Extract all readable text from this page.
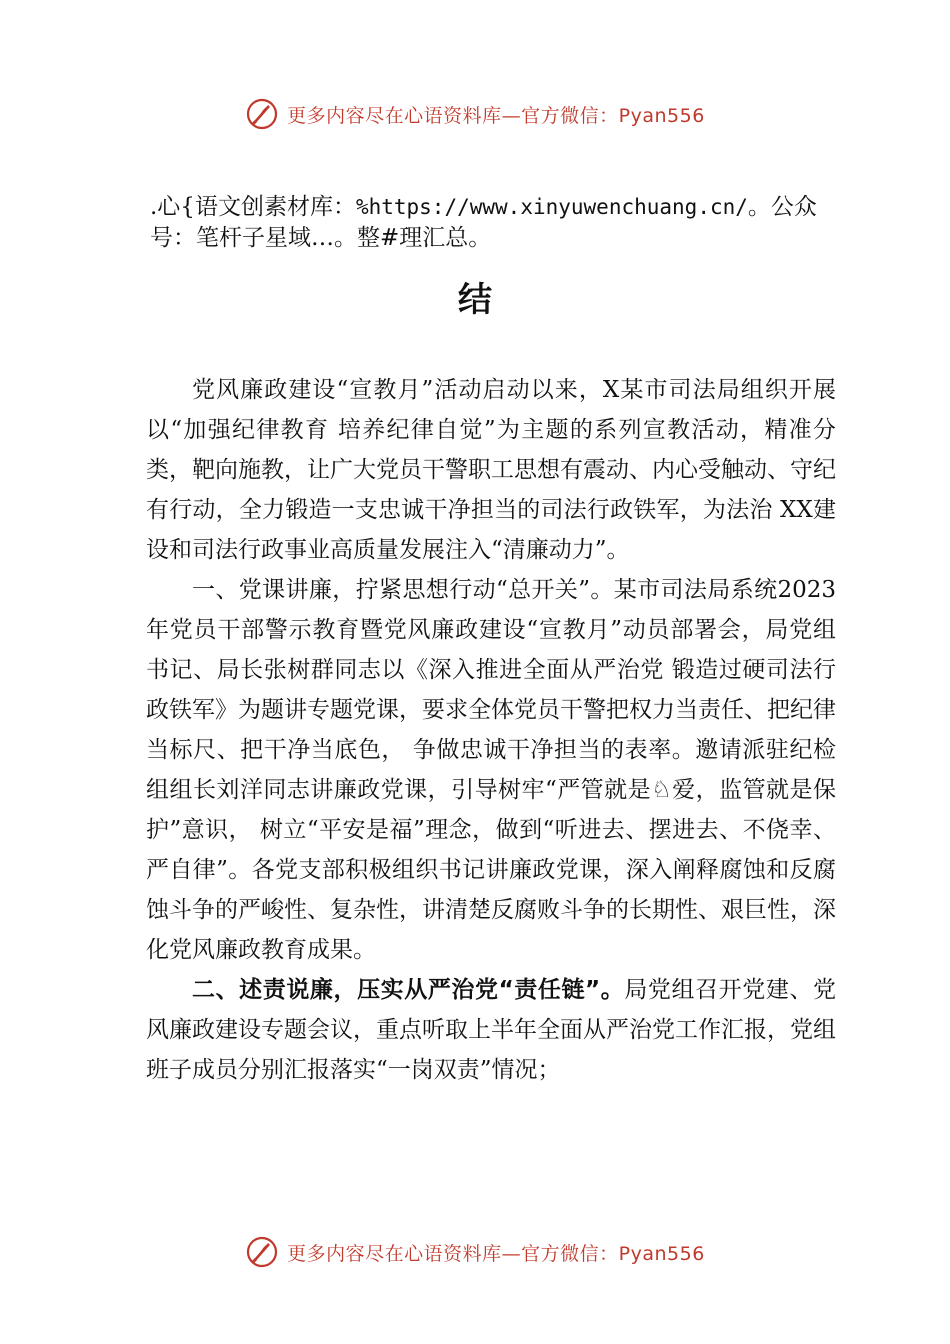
更多内容尽在心语资料库—官方微信：Pyan556
.心{语文创素材库：%https://www.xinyuwenchuang.cn/。公众号：笔杆子星域…。整#理汇总。
结

党风廉政建设“宣教月”活动启动以来，X某市司法局组织开展以“加强纪律教育 培养纪律自觉”为主题的系列宣教活动，精准分类，靶向施教，让广大党员干警职工思想有震动、内心受触动、守纪有行动，全力锻造一支忠诚干净担当的司法行政铁军，为法治 XX建设和司法行政事业高质量发展注入“清廉动力”。

一、党课讲廉，拧紧思想行动“总开关”。某市司法局系统2023年党员干部警示教育暨党风廉政建设“宣教月”动员部署会，局党组书记、局长张树群同志以《深入推进全面从严治党 锻造过硬司法行政铁军》为题讲专题党课，要求全体党员干警把权力当责任、把纪律当标尺、把干净当底色， 争做忠诚干净担当的表率。邀请派驻纪检组组长刘洋同志讲廉政党课，引导树牢“严管就是♘爱，监管就是保护”意识， 树立“平安是福”理念，做到“听进去、摆进去、不侥幸、 严自律”。各党支部积极组织书记讲廉政党课，深入阐释腐蚀和反腐蚀斗争的严峻性、复杂性，讲清楚反腐败斗争的长期性、艰巨性，深化党风廉政教育成果。

二、述责说廉，压实从严治党“责任链”。局党组召开党建、党风廉政建设专题会议，重点听取上半年全面从严治党工作汇报，党组班子成员分别汇报落实“一岗双责”情况；

更多内容尽在心语资料库—官方微信：Pyan556
